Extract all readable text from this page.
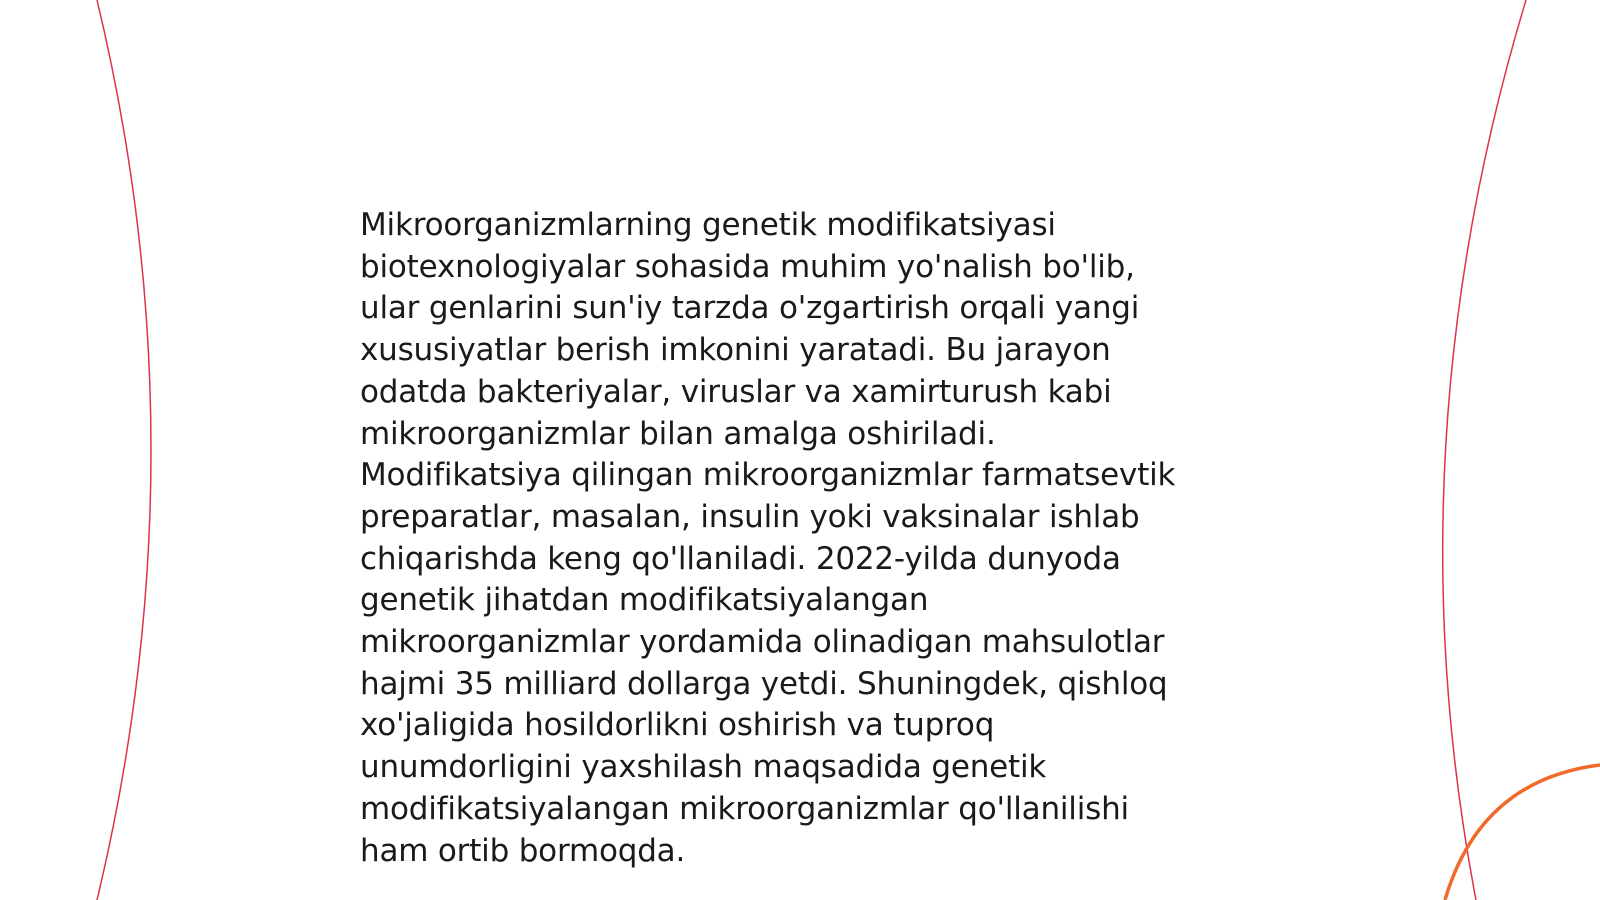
Mikroorganizmlarning genetik modifikatsiyasi
biotexnologiyalar sohasida muhim yo'nalish bo'lib,
ular genlarini sun'iy tarzda o'zgartirish orqali yangi
xususiyatlar berish imkonini yaratadi. Bu jarayon
odatda bakteriyalar, viruslar va xamirturush kabi
mikroorganizmlar bilan amalga oshiriladi.
Modifikatsiya qilingan mikroorganizmlar farmatsevtik
preparatlar, masalan, insulin yoki vaksinalar ishlab
chiqarishda keng qo'llaniladi. 2022-yilda dunyoda
genetik jihatdan modifikatsiyalangan
mikroorganizmlar yordamida olinadigan mahsulotlar
hajmi 35 milliard dollarga yetdi. Shuningdek, qishloq
xo'jaligida hosildorlikni oshirish va tuproq
unumdorligini yaxshilash maqsadida genetik
modifikatsiyalangan mikroorganizmlar qo'llanilishi
ham ortib bormoqda.
